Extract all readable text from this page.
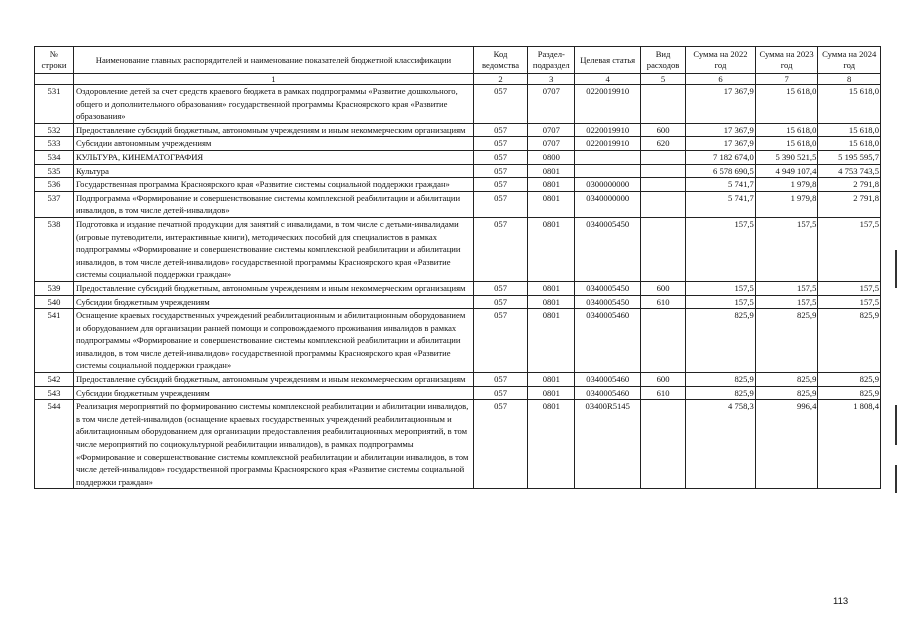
№ строки	Наименование главных распорядителей и наименование показателей бюджетной классификации	Код ведомства	Раздел-подраздел	Целевая статья	Вид расходов	Сумма на 2022 год	Сумма на 2023 год	Сумма на 2024 год
	1	2	3	4	5	6	7	8
531	Оздоровление детей за счет средств краевого бюджета в рамках подпрограммы «Развитие дошкольного, общего и дополнительного образования» государственной программы Красноярского края «Развитие образования»	057	0707	0220019910		17 367,9	15 618,0	15 618,0
532	Предоставление субсидий бюджетным, автономным учреждениям и иным некоммерческим организациям	057	0707	0220019910	600	17 367,9	15 618,0	15 618,0
533	Субсидии автономным учреждениям	057	0707	0220019910	620	17 367,9	15 618,0	15 618,0
534	КУЛЬТУРА, КИНЕМАТОГРАФИЯ	057	0800			7 182 674,0	5 390 521,5	5 195 595,7
535	Культура	057	0801			6 578 690,5	4 949 107,4	4 753 743,5
536	Государственная программа Красноярского края «Развитие системы социальной поддержки граждан»	057	0801	0300000000		5 741,7	1 979,8	2 791,8
537	Подпрограмма «Формирование и совершенствование системы комплексной реабилитации и абилитации инвалидов, в том числе детей-инвалидов»	057	0801	0340000000		5 741,7	1 979,8	2 791,8
538	Подготовка и издание печатной продукции для занятий с инвалидами, в том числе с детьми-инвалидами (игровые путеводители, интерактивные книги), методических пособий для специалистов в рамках подпрограммы «Формирование и совершенствование системы комплексной реабилитации и абилитации инвалидов, в том числе детей-инвалидов» государственной программы Красноярского края «Развитие системы социальной поддержки граждан»	057	0801	0340005450		157,5	157,5	157,5
539	Предоставление субсидий бюджетным, автономным учреждениям и иным некоммерческим организациям	057	0801	0340005450	600	157,5	157,5	157,5
540	Субсидии бюджетным учреждениям	057	0801	0340005450	610	157,5	157,5	157,5
541	Оснащение краевых государственных учреждений реабилитационным и абилитационным оборудованием и оборудованием для организации ранней помощи и сопровождаемого проживания инвалидов в рамках подпрограммы «Формирование и совершенствование системы комплексной реабилитации и абилитации инвалидов, в том числе детей-инвалидов» государственной программы Красноярского края «Развитие системы социальной поддержки граждан»	057	0801	0340005460		825,9	825,9	825,9
542	Предоставление субсидий бюджетным, автономным учреждениям и иным некоммерческим организациям	057	0801	0340005460	600	825,9	825,9	825,9
543	Субсидии бюджетным учреждениям	057	0801	0340005460	610	825,9	825,9	825,9
544	Реализация мероприятий по формированию системы комплексной реабилитации и абилитации инвалидов, в том числе детей-инвалидов (оснащение краевых государственных учреждений реабилитационным и абилитационным оборудованием для организации предоставления реабилитационных мероприятий, в том числе мероприятий по социокультурной реабилитации инвалидов), в рамках подпрограммы «Формирование и совершенствование системы комплексной реабилитации и абилитации инвалидов, в том числе детей-инвалидов» государственной программы Красноярского края «Развитие системы социальной поддержки граждан»	057	0801	03400R5145		4 758,3	996,4	1 808,4
113
